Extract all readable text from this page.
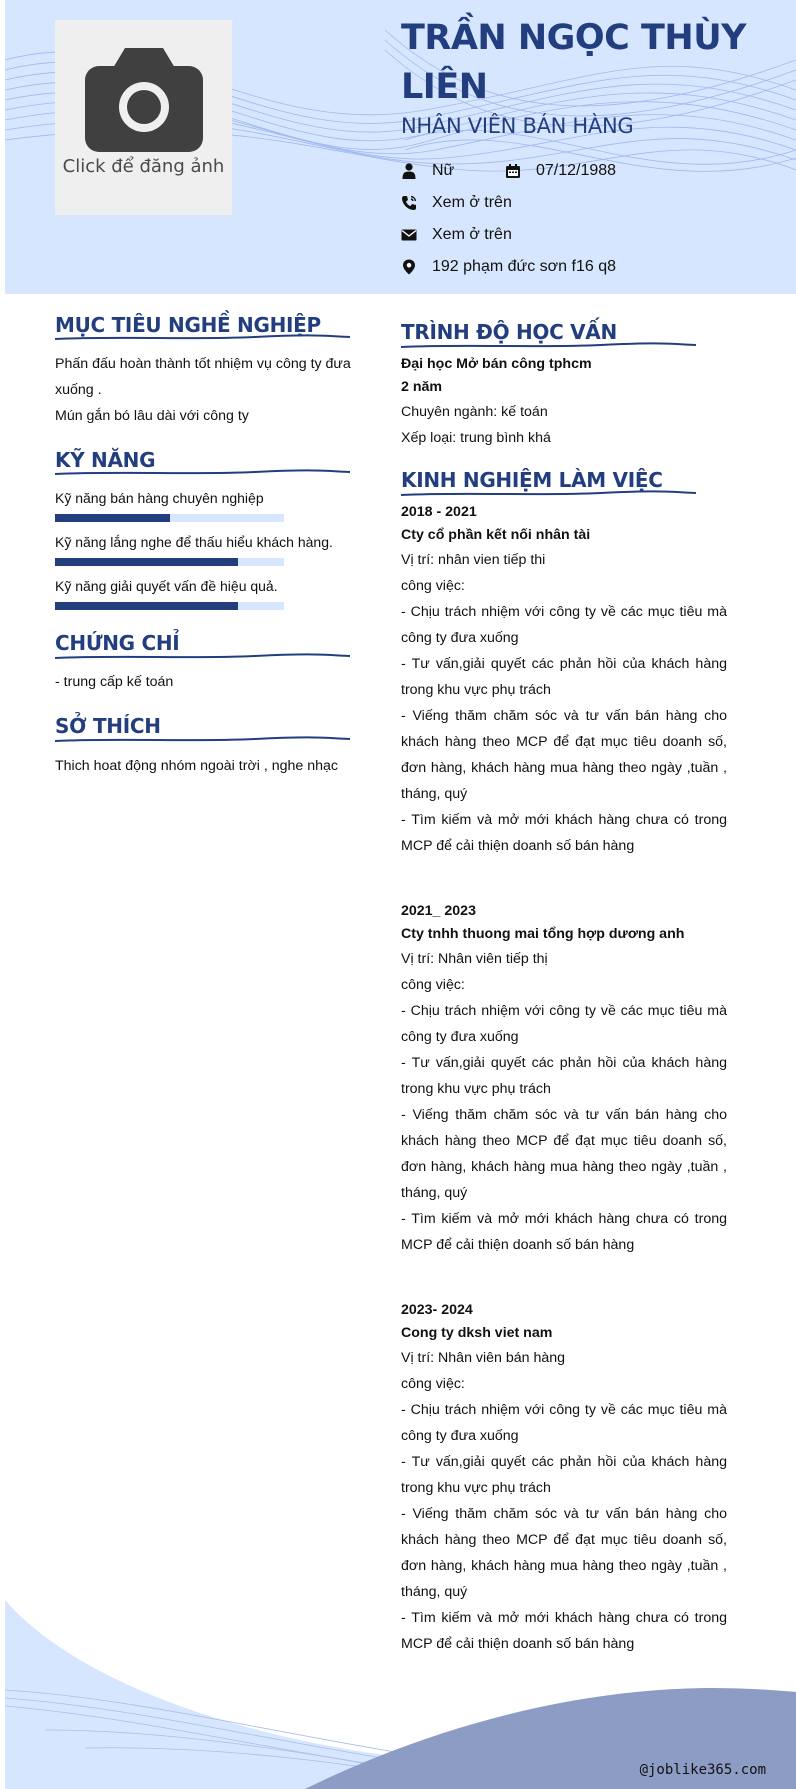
Click để đăng ảnh
TRẦN NGỌC THÙY LIÊN
NHÂN VIÊN BÁN HÀNG
Nữ	07/12/1988
Xem ở trên
Xem ở trên
192 phạm đức sơn f16 q8
MỤC TIÊU NGHỀ NGHIỆP

Phấn đấu hoàn thành tốt nhiệm vụ công ty đưa xuống .

Mún gắn bó lâu dài với công ty

KỸ NĂNG
Kỹ năng bán hàng chuyên nghiệp
Kỹ năng lắng nghe để thấu hiểu khách hàng.
Kỹ năng giải quyết vấn đề hiệu quả.
CHỨNG CHỈ
- trung cấp kế toán
SỞ THÍCH
Thich hoat động nhóm ngoài trời , nghe nhạc
TRÌNH ĐỘ HỌC VẤN

Đại học Mở bán công tphcm

2 năm

Chuyên ngành: kế toán

Xếp loại: trung bình khá

KINH NGHIỆM LÀM VIỆC

2018 - 2021

Cty cổ phần kết nối nhân tài

Vị trí: nhân vien tiếp thi

công việc:

- Chịu trách nhiệm với công ty về các mục tiêu mà công ty đưa xuống

- Tư vấn,giải quyết các phản hồi của khách hàng trong khu vực phụ trách

- Viếng thăm chăm sóc và tư vấn bán hàng cho khách hàng theo MCP để đạt mục tiêu doanh số, đơn hàng, khách hàng mua hàng theo ngày ,tuần , tháng, quý

- Tìm kiếm và mở mới khách hàng chưa có trong MCP để cải thiện doanh số bán hàng

2021_ 2023

Cty tnhh thuong mai tổng hợp dương anh

Vị trí: Nhân viên tiếp thị

công việc:

- Chịu trách nhiệm với công ty về các mục tiêu mà công ty đưa xuống

- Tư vấn,giải quyết các phản hồi của khách hàng trong khu vực phụ trách

- Viếng thăm chăm sóc và tư vấn bán hàng cho khách hàng theo MCP để đạt mục tiêu doanh số, đơn hàng, khách hàng mua hàng theo ngày ,tuần , tháng, quý

- Tìm kiếm và mở mới khách hàng chưa có trong MCP để cải thiện doanh số bán hàng

2023- 2024

Cong ty dksh viet nam

Vị trí: Nhân viên bán hàng

công việc:

- Chịu trách nhiệm với công ty về các mục tiêu mà công ty đưa xuống

- Tư vấn,giải quyết các phản hồi của khách hàng trong khu vực phụ trách

- Viếng thăm chăm sóc và tư vấn bán hàng cho khách hàng theo MCP để đạt mục tiêu doanh số, đơn hàng, khách hàng mua hàng theo ngày ,tuần , tháng, quý

- Tìm kiếm và mở mới khách hàng chưa có trong MCP để cải thiện doanh số bán hàng

@joblike365.com
